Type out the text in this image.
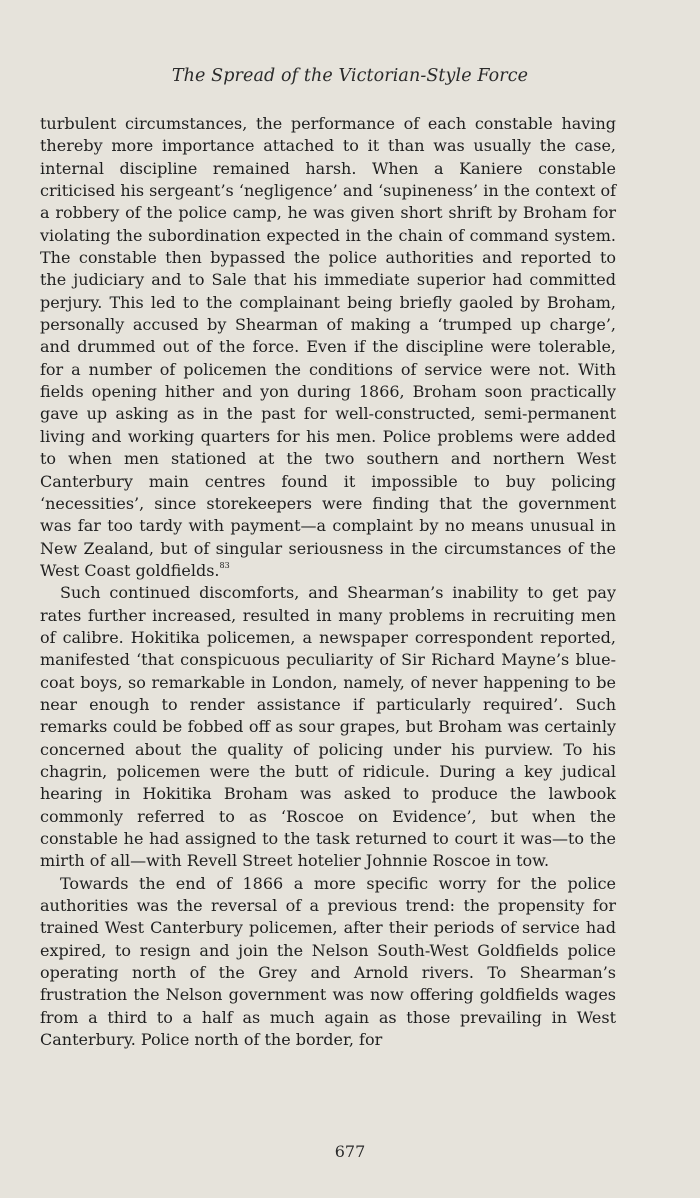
The Spread of the Victorian-Style Force

turbulent circumstances, the performance of each constable having thereby more importance attached to it than was usually the case, internal discipline remained harsh. When a Kaniere constable criticised his sergeant’s ‘negligence’ and ‘supineness’ in the context of a robbery of the police camp, he was given short shrift by Broham for violating the subordination expected in the chain of command system. The constable then bypassed the police authorities and reported to the judiciary and to Sale that his immediate superior had committed perjury. This led to the complainant being briefly gaoled by Broham, personally accused by Shearman of making a ‘trumped up charge’, and drummed out of the force. Even if the discipline were tolerable, for a number of policemen the conditions of service were not. With fields opening hither and yon during 1866, Broham soon practically gave up asking as in the past for well-constructed, semi-permanent living and working quarters for his men. Police problems were added to when men stationed at the two southern and northern West Canterbury main centres found it impossible to buy policing ‘necessities’, since storekeepers were finding that the government was far too tardy with payment—a complaint by no means unusual in New Zealand, but of singular seriousness in the circumstances of the West Coast goldfields.$^{83}$

Such continued discomforts, and Shearman’s inability to get pay rates further increased, resulted in many problems in recruiting men of calibre. Hokitika policemen, a newspaper correspondent reported, manifested ‘that conspicuous peculiarity of Sir Richard Mayne’s blue-coat boys, so remarkable in London, namely, of never happening to be near enough to render assistance if particularly required’. Such remarks could be fobbed off as sour grapes, but Broham was certainly concerned about the quality of policing under his purview. To his chagrin, policemen were the butt of ridicule. During a key judical hearing in Hokitika Broham was asked to produce the lawbook commonly referred to as ‘Roscoe on Evidence’, but when the constable he had assigned to the task returned to court it was—to the mirth of all—with Revell Street hotelier Johnnie Roscoe in tow.

Towards the end of 1866 a more specific worry for the police authorities was the reversal of a previous trend: the propensity for trained West Canterbury policemen, after their periods of service had expired, to resign and join the Nelson South-West Goldfields police operating north of the Grey and Arnold rivers. To Shearman’s frustration the Nelson government was now offering goldfields wages from a third to a half as much again as those prevailing in West Canterbury. Police north of the border, for

677
